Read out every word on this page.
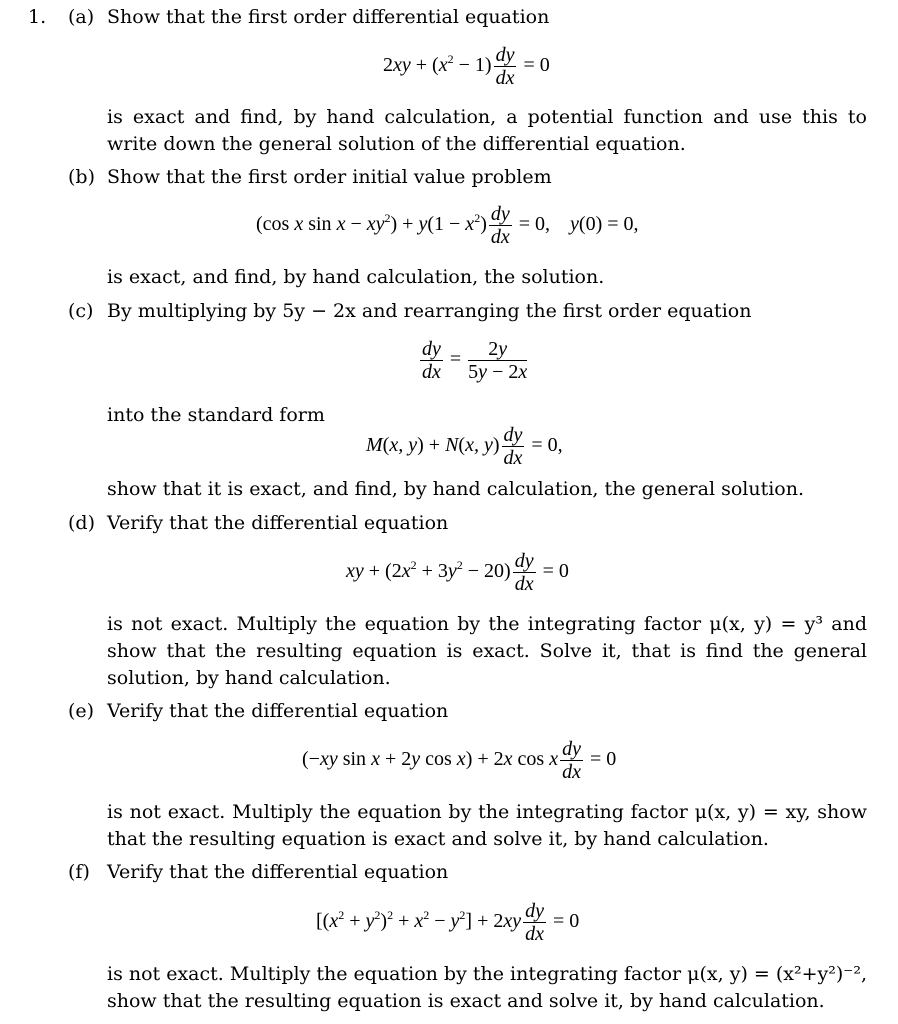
1. (a) Show that the first order differential equation
$2xy + (x^2 - 1) \frac{dy}{dx} = 0$
is exact and find, by hand calculation, a potential function and use this to write down the general solution of the differential equation.
(b) Show that the first order initial value problem
(cos x $\sin x - xy^2) + y(1 - x^2) \frac{dy}{dx} = 0$,    y(0) = 0,
is exact, and find, by hand calculation, the solution.
(c) By multiplying by 5y − 2x and rearranging the first order equation
$\frac{dy}{dx} = \frac{2y}{5y - 2x}$
into the standard form
M(x, y) + N(x, $y) \frac{dy}{dx} = 0$,
show that it is exact, and find, by hand calculation, the general solution.
(d) Verify that the differential equation
xy + $(2x^2 + 3y^2 - 20) \frac{dy}{dx} = 0$
is not exact. Multiply the equation by the integrating factor μ(x, y) = y³ and show that the resulting equation is exact. Solve it, that is find the general solution, by hand calculation.
(e) Verify that the differential equation
(−xy sin x + 2y cos x) + 2x cos x $\frac{dy}{dx} = 0$
is not exact. Multiply the equation by the integrating factor μ(x, y) = xy, show that the resulting equation is exact and solve it, by hand calculation.
(f) Verify that the differential equation
$[(x^2 + y^2)^2 + x^2 - y^2] + 2xy \frac{dy}{dx} = 0$
is not exact. Multiply the equation by the integrating factor μ(x, y) = (x²+y²)⁻², show that the resulting equation is exact and solve it, by hand calculation.
